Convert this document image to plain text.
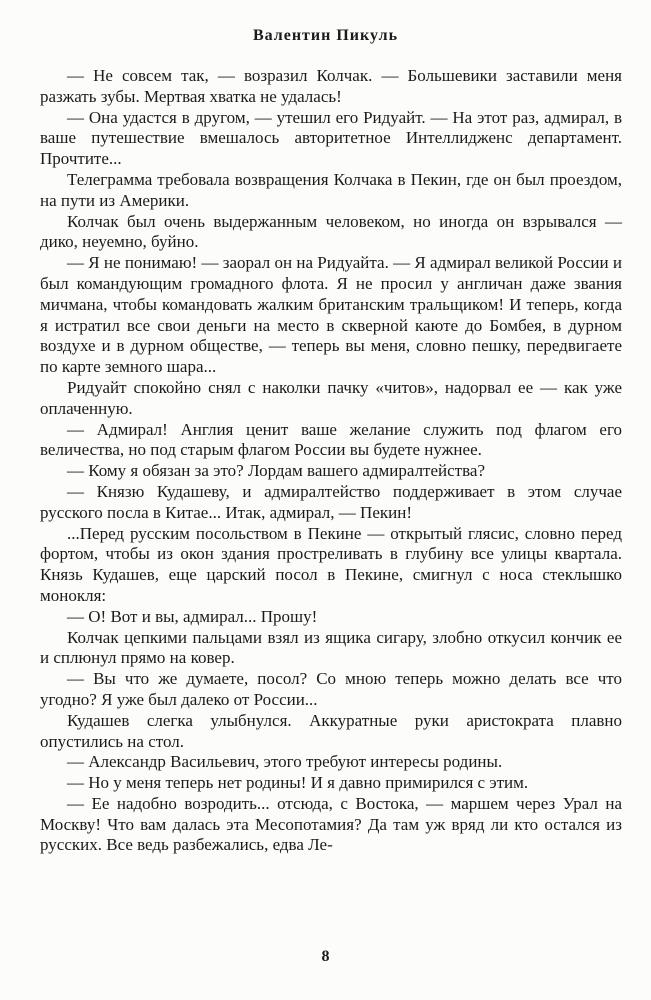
Валентин Пикуль

— Не совсем так, — возразил Колчак. — Большевики заставили меня разжать зубы. Мертвая хватка не удалась!

— Она удастся в другом, — утешил его Ридуайт. — На этот раз, адмирал, в ваше путешествие вмешалось авторитетное Интеллидженс департамент. Прочтите...

Телеграмма требовала возвращения Колчака в Пекин, где он был проездом, на пути из Америки.

Колчак был очень выдержанным человеком, но иногда он взрывался — дико, неуемно, буйно.

— Я не понимаю! — заорал он на Ридуайта. — Я адмирал великой России и был командующим громадного флота. Я не просил у англичан даже звания мичмана, чтобы командовать жалким британским тральщиком! И теперь, когда я истратил все свои деньги на место в скверной каюте до Бомбея, в дурном воздухе и в дурном обществе, — теперь вы меня, словно пешку, передвигаете по карте земного шара...

Ридуайт спокойно снял с наколки пачку «читов», надорвал ее — как уже оплаченную.

— Адмирал! Англия ценит ваше желание служить под флагом его величества, но под старым флагом России вы будете нужнее.

— Кому я обязан за это? Лордам вашего адмиралтейства?

— Князю Кудашеву, и адмиралтейство поддерживает в этом случае русского посла в Китае... Итак, адмирал, — Пекин!

...Перед русским посольством в Пекине — открытый глясис, словно перед фортом, чтобы из окон здания простреливать в глубину все улицы квартала. Князь Кудашев, еще царский посол в Пекине, смигнул с носа стеклышко монокля:

— О! Вот и вы, адмирал... Прошу!

Колчак цепкими пальцами взял из ящика сигару, злобно откусил кончик ее и сплюнул прямо на ковер.

— Вы что же думаете, посол? Со мною теперь можно делать все что угодно? Я уже был далеко от России...

Кудашев слегка улыбнулся. Аккуратные руки аристократа плавно опустились на стол.

— Александр Васильевич, этого требуют интересы родины.

— Но у меня теперь нет родины! И я давно примирился с этим.

— Ее надобно возродить... отсюда, с Востока, — маршем через Урал на Москву! Что вам далась эта Месопотамия? Да там уж вряд ли кто остался из русских. Все ведь разбежались, едва Ле-

8
